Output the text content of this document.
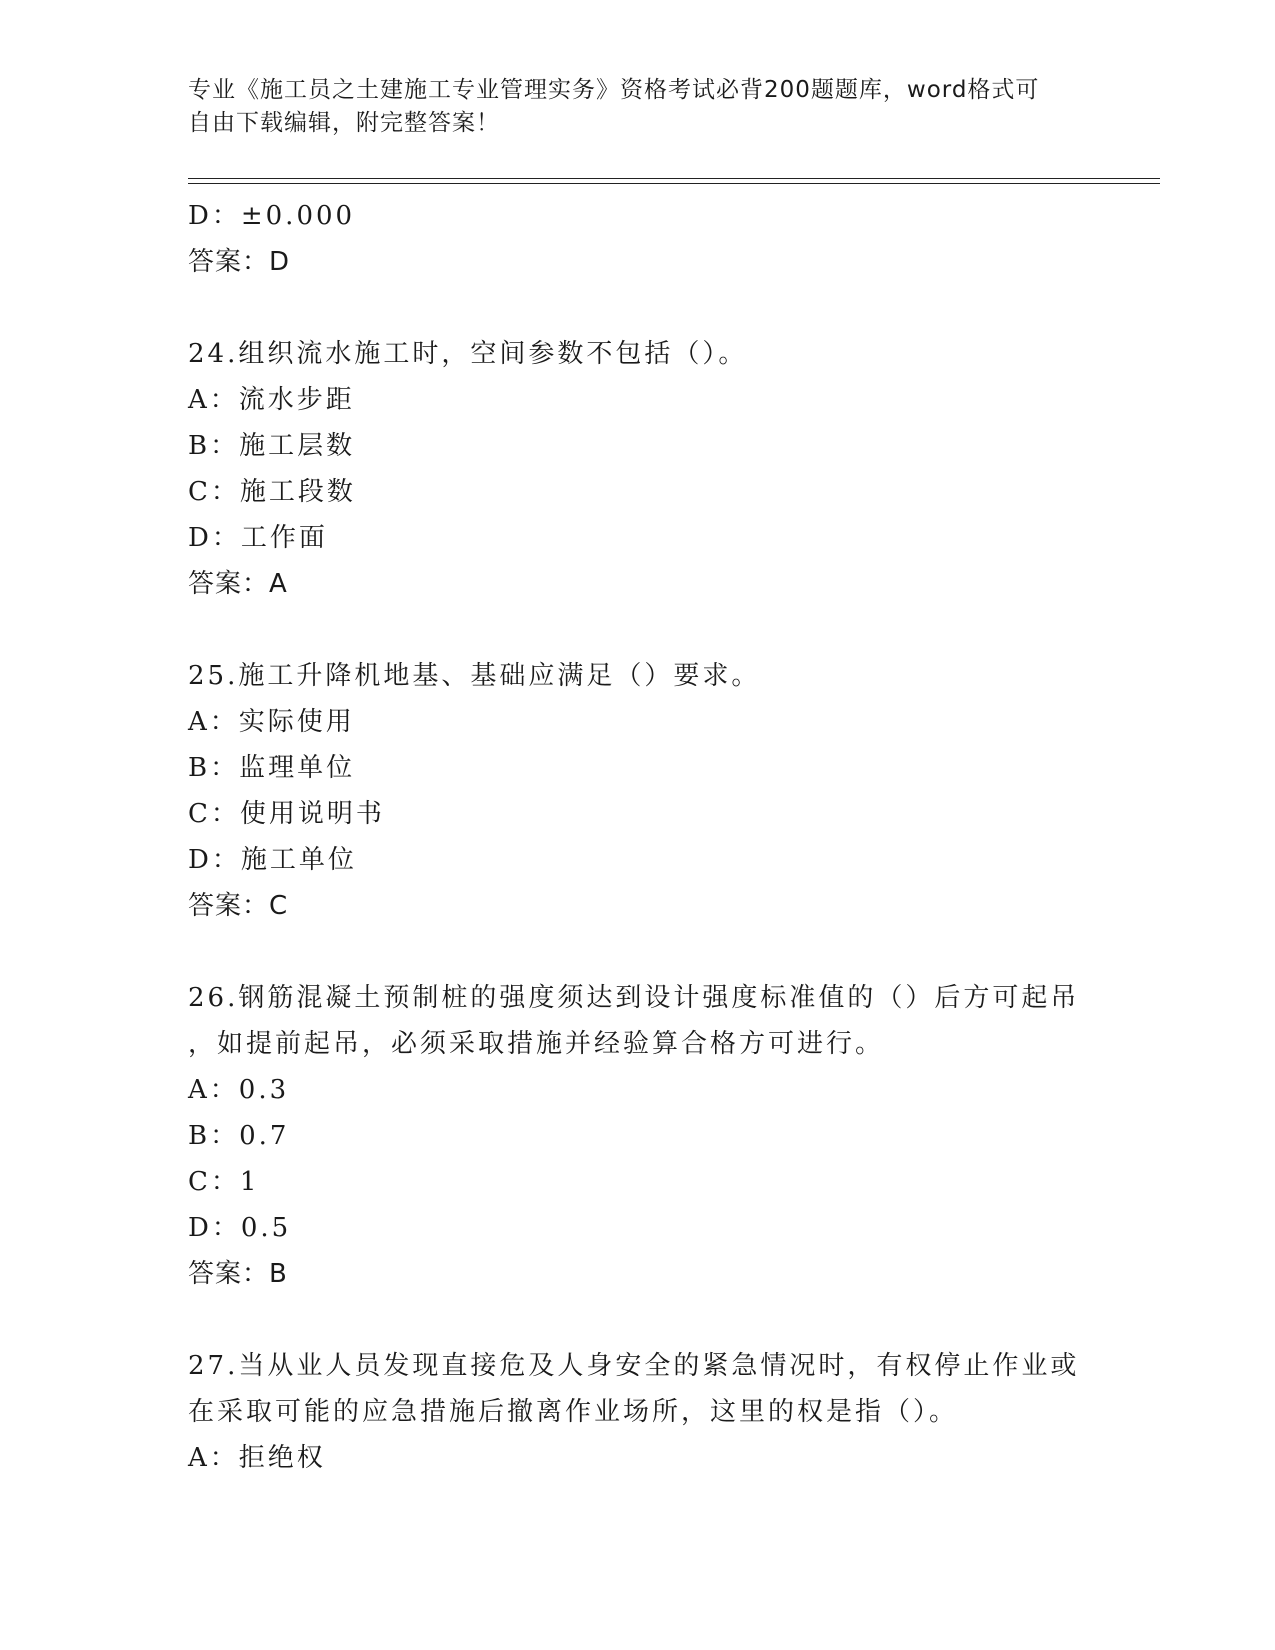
专业《施工员之土建施工专业管理实务》资格考试必背200题题库，word格式可
自由下载编辑，附完整答案！
D：±0.000
答案：D
24.组织流水施工时，空间参数不包括（）。
A：流水步距
B：施工层数
C：施工段数
D：工作面
答案：A
25.施工升降机地基、基础应满足（）要求。
A：实际使用
B：监理单位
C：使用说明书
D：施工单位
答案：C
26.钢筋混凝土预制桩的强度须达到设计强度标准值的（）后方可起吊
，如提前起吊，必须采取措施并经验算合格方可进行。
A：0.3
B：0.7
C：1
D：0.5
答案：B
27.当从业人员发现直接危及人身安全的紧急情况时，有权停止作业或
在采取可能的应急措施后撤离作业场所，这里的权是指（）。
A：拒绝权
